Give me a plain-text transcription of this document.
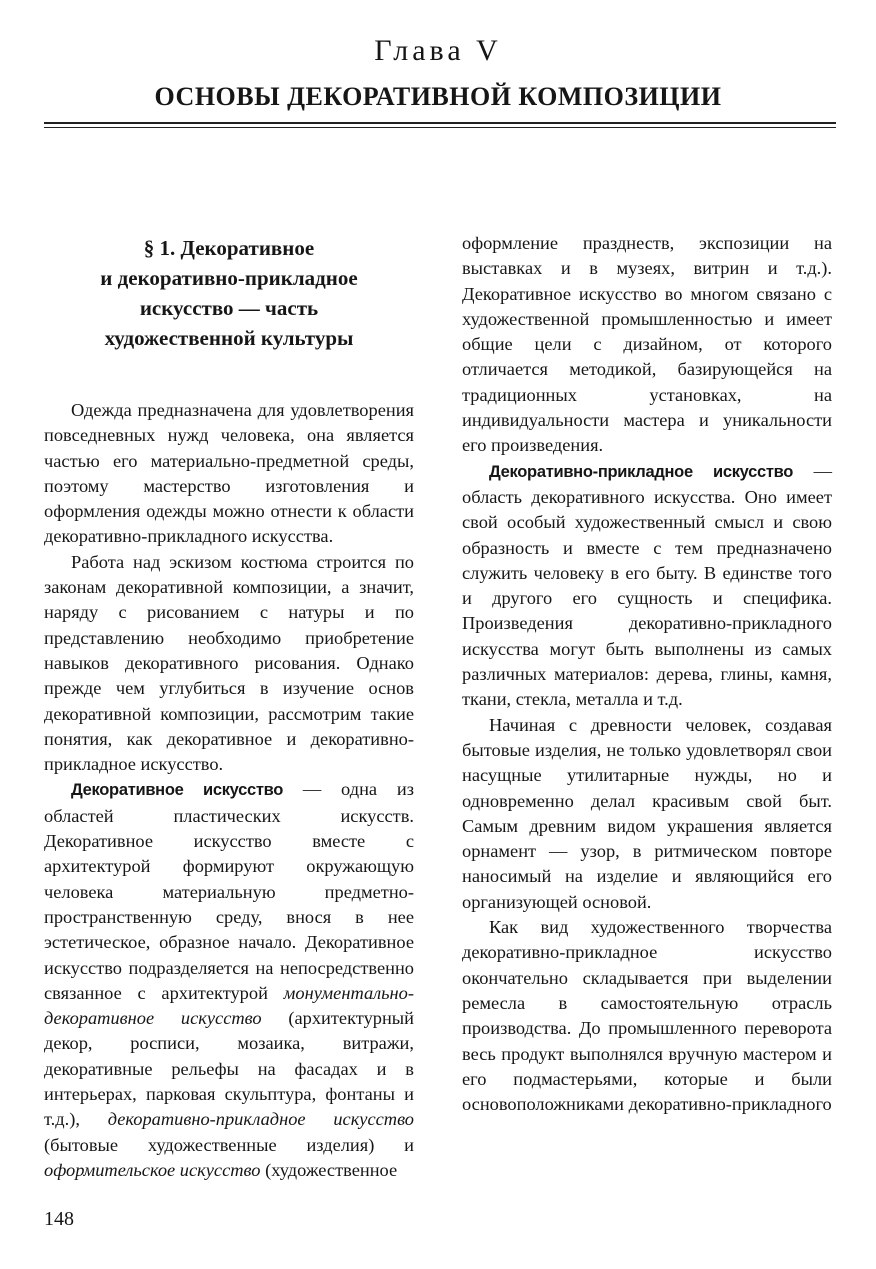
Глава V
ОСНОВЫ ДЕКОРАТИВНОЙ КОМПОЗИЦИИ
§ 1. Декоративное
и декоративно-прикладное
искусство — часть
художественной культуры

Одежда предназначена для удовлетворения повседневных нужд человека, она является частью его материально-предметной среды, поэтому мастерство изготовления и оформления одежды можно отнести к области декоративно-прикладного искусства.

Работа над эскизом костюма строится по законам декоративной композиции, а значит, наряду с рисованием с натуры и по представлению необходимо приобретение навыков декоративного рисования. Однако прежде чем углубиться в изучение основ декоративной композиции, рассмотрим такие понятия, как декоративное и декоративно-прикладное искусство.

Декоративное искусство — одна из областей пластических искусств. Декоративное искусство вместе с архитектурой формируют окружающую человека материальную предметно-пространственную среду, внося в нее эстетическое, образное начало. Декоративное искусство подразделяется на непосредственно связанное с архитектурой монументально-декоративное искусство (архитектурный декор, росписи, мозаика, витражи, декоративные рельефы на фасадах и в интерьерах, парковая скульптура, фонтаны и т.д.), декоративно-прикладное искусство (бытовые художественные изделия) и оформительское искусство (художественное

оформление празднеств, экспозиции на выставках и в музеях, витрин и т.д.). Декоративное искусство во многом связано с художественной промышленностью и имеет общие цели с дизайном, от которого отличается методикой, базирующейся на традиционных установках, на индивидуальности мастера и уникальности его произведения.

Декоративно-прикладное искусство — область декоративного искусства. Оно имеет свой особый художественный смысл и свою образность и вместе с тем предназначено служить человеку в его быту. В единстве того и другого его сущность и специфика. Произведения декоративно-прикладного искусства могут быть выполнены из самых различных материалов: дерева, глины, камня, ткани, стекла, металла и т.д.

Начиная с древности человек, создавая бытовые изделия, не только удовлетворял свои насущные утилитарные нужды, но и одновременно делал красивым свой быт. Самым древним видом украшения является орнамент — узор, в ритмическом повторе наносимый на изделие и являющийся его организующей основой.

Как вид художественного творчества декоративно-прикладное искусство окончательно складывается при выделении ремесла в самостоятельную отрасль производства. До промышленного переворота весь продукт выполнялся вручную мастером и его подмастерьями, которые и были основоположниками декоративно-прикладного

148
